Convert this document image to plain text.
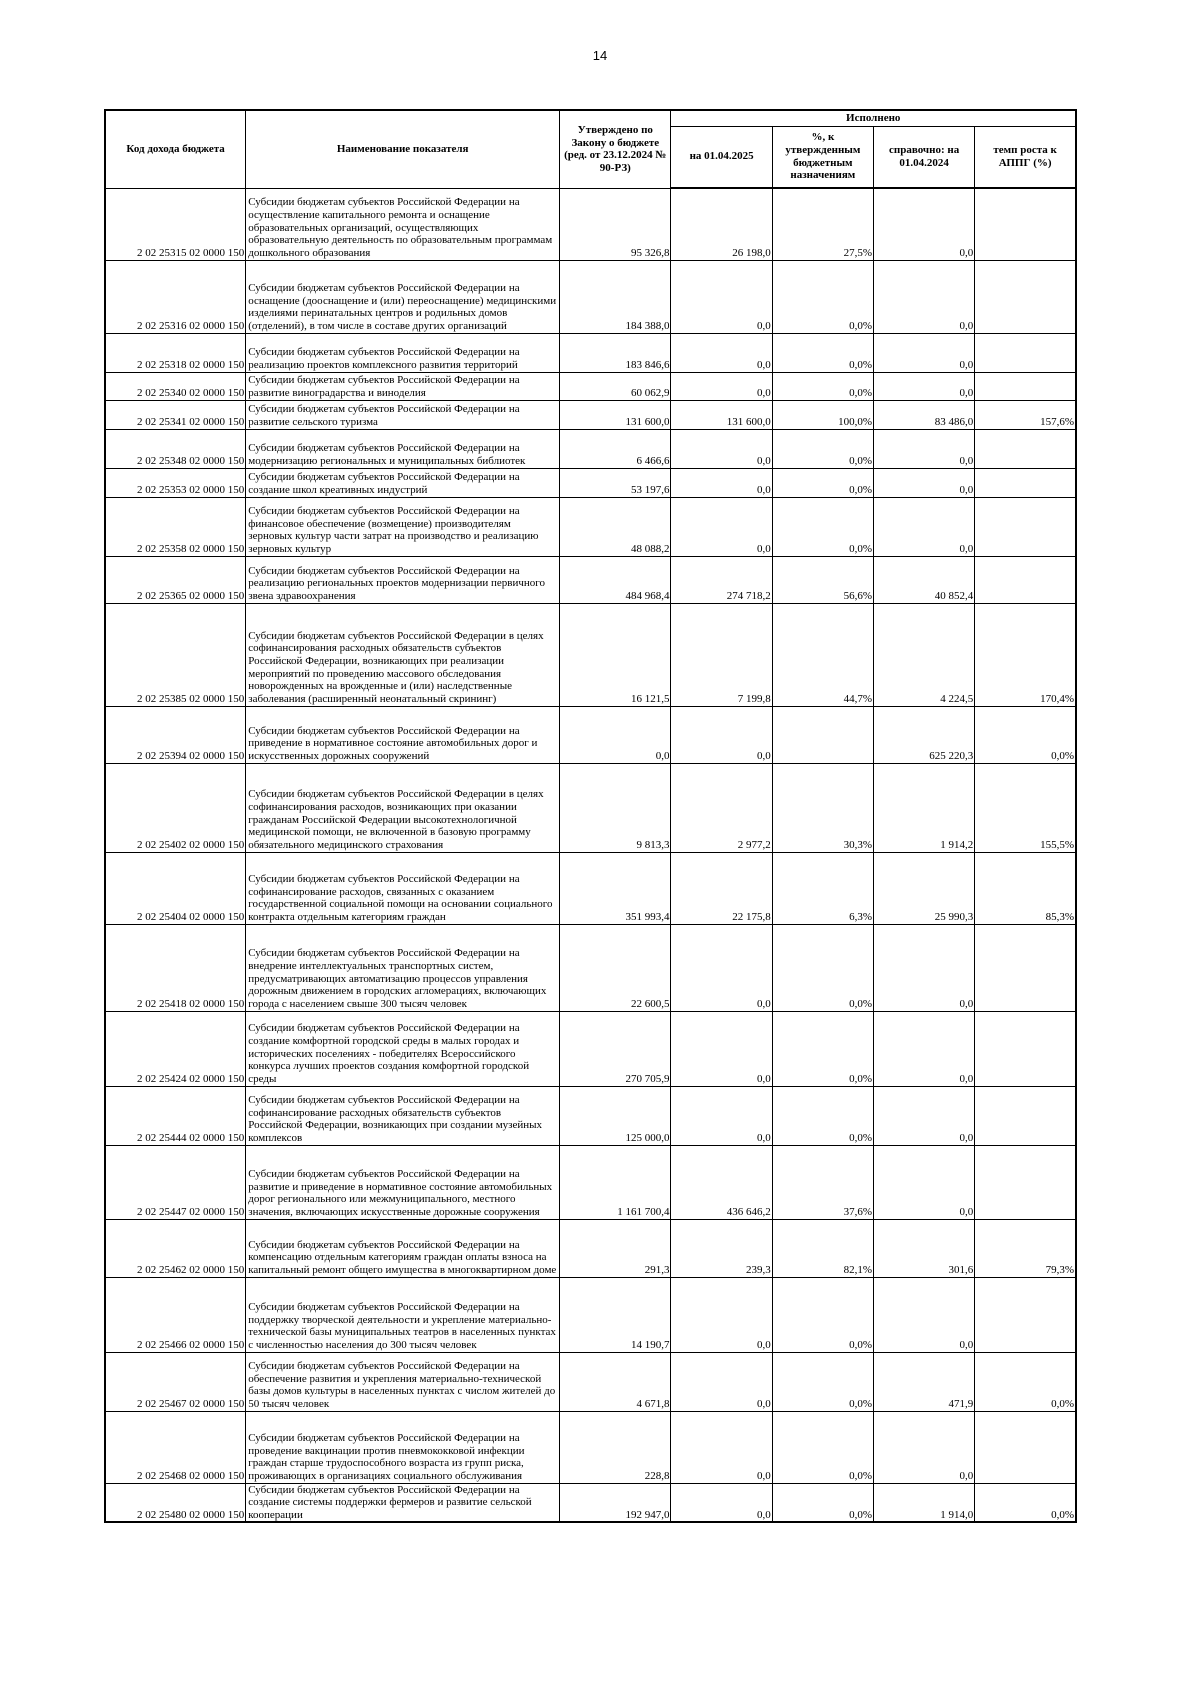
14
Код дохода бюджета	Наименование показателя	Утверждено по Законy о бюджете (ред. от 23.12.2024 № 90-РЗ)	Исполнено			
			на 01.04.2025	%, к утвержденным бюджетным назначениям	справочно: на 01.04.2024	темп роста к АППГ (%)
2 02 25315 02 0000 150	Субсидии бюджетам субъектов Российской Федерации на осуществление капитального ремонта и оснащение образовательных организаций, осуществляющих образовательную деятельность по образовательным программам дошкольного образования	95 326,8	26 198,0	27,5%	0,0	
2 02 25316 02 0000 150	Субсидии бюджетам субъектов Российской Федерации на оснащение (дооснащение и (или) переоснащение) медицинскими изделиями перинатальных центров и родильных домов (отделений), в том числе в составе других организаций	184 388,0	0,0	0,0%	0,0	
2 02 25318 02 0000 150	Субсидии бюджетам субъектов Российской Федерации на реализацию проектов комплексного развития территорий	183 846,6	0,0	0,0%	0,0	
2 02 25340 02 0000 150	Субсидии бюджетам субъектов Российской Федерации на развитие виноградарства и виноделия	60 062,9	0,0	0,0%	0,0	
2 02 25341 02 0000 150	Субсидии бюджетам субъектов Российской Федерации на развитие сельского туризма	131 600,0	131 600,0	100,0%	83 486,0	157,6%
2 02 25348 02 0000 150	Субсидии бюджетам субъектов Российской Федерации на модернизацию региональных и муниципальных библиотек	6 466,6	0,0	0,0%	0,0	
2 02 25353 02 0000 150	Субсидии бюджетам субъектов Российской Федерации на создание школ креативных индустрий	53 197,6	0,0	0,0%	0,0	
2 02 25358 02 0000 150	Субсидии бюджетам субъектов Российской Федерации на финансовое обеспечение (возмещение) производителям зерновых культур части затрат на производство и реализацию зерновых культур	48 088,2	0,0	0,0%	0,0	
2 02 25365 02 0000 150	Субсидии бюджетам субъектов Российской Федерации на реализацию региональных проектов модернизации первичного звена здравоохранения	484 968,4	274 718,2	56,6%	40 852,4	
2 02 25385 02 0000 150	Субсидии бюджетам субъектов Российской Федерации в целях софинансирования расходных обязательств субъектов Российской Федерации, возникающих при реализации мероприятий по проведению массового обследования новорожденных на врожденные и (или) наследственные заболевания (расширенный неонатальный скрининг)	16 121,5	7 199,8	44,7%	4 224,5	170,4%
2 02 25394 02 0000 150	Субсидии бюджетам субъектов Российской Федерации на приведение в нормативное состояние автомобильных дорог и искусственных дорожных сооружений	0,0	0,0		625 220,3	0,0%
2 02 25402 02 0000 150	Субсидии бюджетам субъектов Российской Федерации в целях софинансирования расходов, возникающих при оказании гражданам Российской Федерации высокотехнологичной медицинской помощи, не включенной в базовую программу обязательного медицинского страхования	9 813,3	2 977,2	30,3%	1 914,2	155,5%
2 02 25404 02 0000 150	Субсидии бюджетам субъектов Российской Федерации на софинансирование расходов, связанных с оказанием государственной социальной помощи на основании социального контракта отдельным категориям граждан	351 993,4	22 175,8	6,3%	25 990,3	85,3%
2 02 25418 02 0000 150	Субсидии бюджетам субъектов Российской Федерации на внедрение интеллектуальных транспортных систем, предусматривающих автоматизацию процессов управления дорожным движением в городских агломерациях, включающих города с населением свыше 300 тысяч человек	22 600,5	0,0	0,0%	0,0	
2 02 25424 02 0000 150	Субсидии бюджетам субъектов Российской Федерации на создание комфортной городской среды в малых городах и исторических поселениях - победителях Всероссийского конкурса лучших проектов создания комфортной городской среды	270 705,9	0,0	0,0%	0,0	
2 02 25444 02 0000 150	Субсидии бюджетам субъектов Российской Федерации на софинансирование расходных обязательств субъектов Российской Федерации, возникающих при создании музейных комплексов	125 000,0	0,0	0,0%	0,0	
2 02 25447 02 0000 150	Субсидии бюджетам субъектов Российской Федерации на развитие и приведение в нормативное состояние автомобильных дорог регионального или межмуниципального, местного значения, включающих искусственные дорожные сооружения	1 161 700,4	436 646,2	37,6%	0,0	
2 02 25462 02 0000 150	Субсидии бюджетам субъектов Российской Федерации на компенсацию отдельным категориям граждан оплаты взноса на капитальный ремонт общего имущества в многоквартирном доме	291,3	239,3	82,1%	301,6	79,3%
2 02 25466 02 0000 150	Субсидии бюджетам субъектов Российской Федерации на поддержку творческой деятельности и укрепление материально-технической базы муниципальных театров в населенных пунктах с численностью населения до 300 тысяч человек	14 190,7	0,0	0,0%	0,0	
2 02 25467 02 0000 150	Субсидии бюджетам субъектов Российской Федерации на обеспечение развития и укрепления материально-технической базы домов культуры в населенных пунктах с числом жителей до 50 тысяч человек	4 671,8	0,0	0,0%	471,9	0,0%
2 02 25468 02 0000 150	Субсидии бюджетам субъектов Российской Федерации на проведение вакцинации против пневмококковой инфекции граждан старше трудоспособного возраста из групп риска, проживающих в организациях социального обслуживания	228,8	0,0	0,0%	0,0	
2 02 25480 02 0000 150	Субсидии бюджетам субъектов Российской Федерации на создание системы поддержки фермеров и развитие сельской кооперации	192 947,0	0,0	0,0%	1 914,0	0,0%
